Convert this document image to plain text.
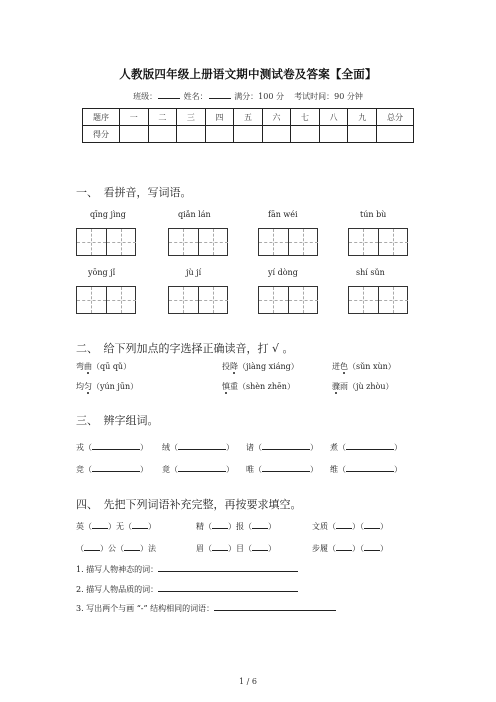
人教版四年级上册语文期中测试卷及答案【全面】
班级：	姓名：	满分：100 分 考试时间：90 分钟
题序	一	二	三	四	五	六	七	八	九	总分
得分										
一、　看拼音，写词语。
qīng jìng	qiǎn lán	fān wéi	tún bù
yōng jǐ	jù jí	yí dòng	shí sǔn
二、　给下列加点的字选择正确读音，打 √ 。
弯曲（qū qǔ）	投降（jiàng xiáng）	迸色（sǔn xùn）
均匀（yún jūn）	慎重（shèn zhēn）	骤雨（jù zhòu）
三、　辨字组词。
戎（	） 绒（	） 诸（	） 煮（	）
竞（	） 竟（	） 唯（	） 维（	）
四、　先把下列词语补充完整，再按要求填空。
英（ ）无（ ）	精（ ）报（ ）	文质（ ）（ ）
（ ）公（ ）法	眉（ ）目（ ）	步履（ ）（ ）
1. 描写人物神态的词：
2. 描写人物品质的词：
3. 写出两个与画 “-” 结构相同的词语：
1 / 6
